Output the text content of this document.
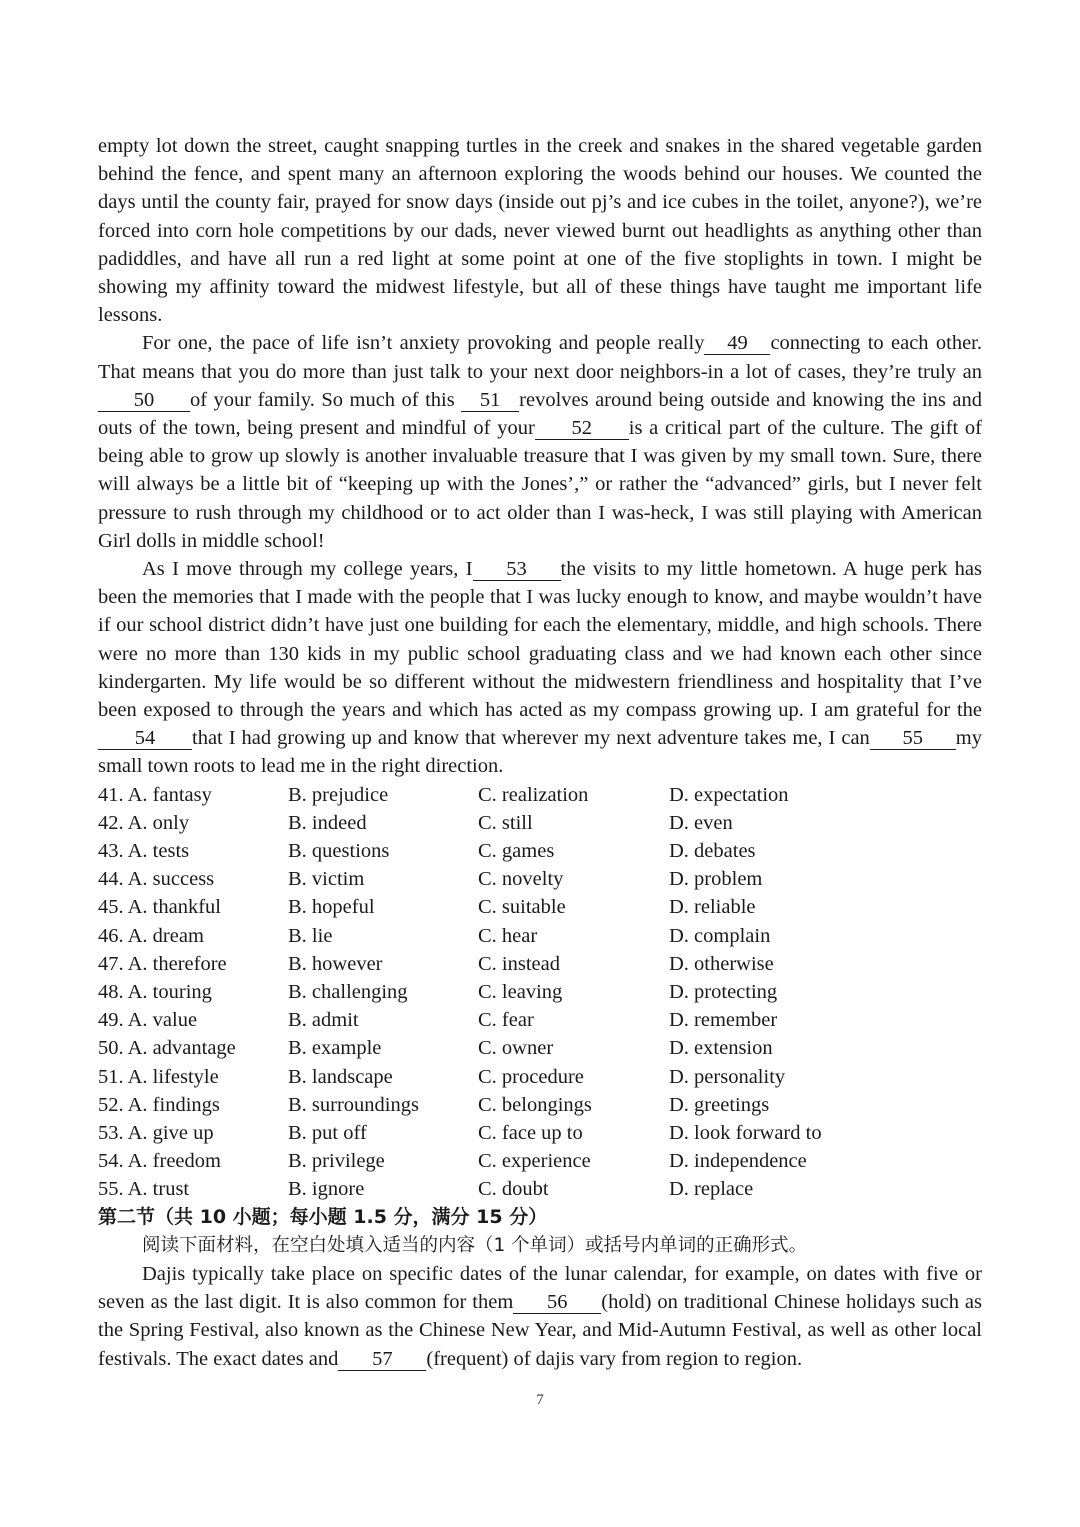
empty lot down the street, caught snapping turtles in the creek and snakes in the shared vegetable garden behind the fence, and spent many an afternoon exploring the woods behind our houses. We counted the days until the county fair, prayed for snow days (inside out pj’s and ice cubes in the toilet, anyone?), we’re forced into corn hole competitions by our dads, never viewed burnt out headlights as anything other than padiddles, and have all run a red light at some point at one of the five stoplights in town. I might be showing my affinity toward the midwest lifestyle, but all of these things have taught me important life lessons.

For one, the pace of life isn’t anxiety provoking and people really 49 connecting to each other. That means that you do more than just talk to your next door neighbors-in a lot of cases, they’re truly an50 of your family. So much of this 51 revolves around being outside and knowing the ins and outs of the town, being present and mindful of your 52 is a critical part of the culture. The gift of being able to grow up slowly is another invaluable treasure that I was given by my small town. Sure, there will always be a little bit of “keeping up with the Jones’,” or rather the “advanced” girls, but I never felt pressure to rush through my childhood or to act older than I was-heck, I was still playing with American Girl dolls in middle school!

As I move through my college years, I 53 the visits to my little hometown. A huge perk has been the memories that I made with the people that I was lucky enough to know, and maybe wouldn’t have if our school district didn’t have just one building for each the elementary, middle, and high schools. There were no more than 130 kids in my public school graduating class and we had known each other since kindergarten. My life would be so different without the midwestern friendliness and hospitality that I’ve been exposed to through the years and which has acted as my compass growing up. I am grateful for the54 that I had growing up and know that wherever my next adventure takes me, I can 55 my small town roots to lead me in the right direction.

41. A. fantasy	B. prejudice	C. realization	D. expectation
42. A. only	B. indeed	C. still	D. even
43. A. tests	B. questions	C. games	D. debates
44. A. success	B. victim	C. novelty	D. problem
45. A. thankful	B. hopeful	C. suitable	D. reliable
46. A. dream	B. lie	C. hear	D. complain
47. A. therefore	B. however	C. instead	D. otherwise
48. A. touring	B. challenging	C. leaving	D. protecting
49. A. value	B. admit	C. fear	D. remember
50. A. advantage	B. example	C. owner	D. extension
51. A. lifestyle	B. landscape	C. procedure	D. personality
52. A. findings	B. surroundings	C. belongings	D. greetings
53. A. give up	B. put off	C. face up to	D. look forward to
54. A. freedom	B. privilege	C. experience	D. independence
55. A. trust	B. ignore	C. doubt	D. replace

第二节（共 10 小题；每小题 1.5 分，满分 15 分）

阅读下面材料，在空白处填入适当的内容（1 个单词）或括号内单词的正确形式。

Dajis typically take place on specific dates of the lunar calendar, for example, on dates with five or seven as the last digit. It is also common for them 56 (hold) on traditional Chinese holidays such as the Spring Festival, also known as the Chinese New Year, and Mid-Autumn Festival, as well as other local festivals. The exact dates and 57 (frequent) of dajis vary from region to region.

7
